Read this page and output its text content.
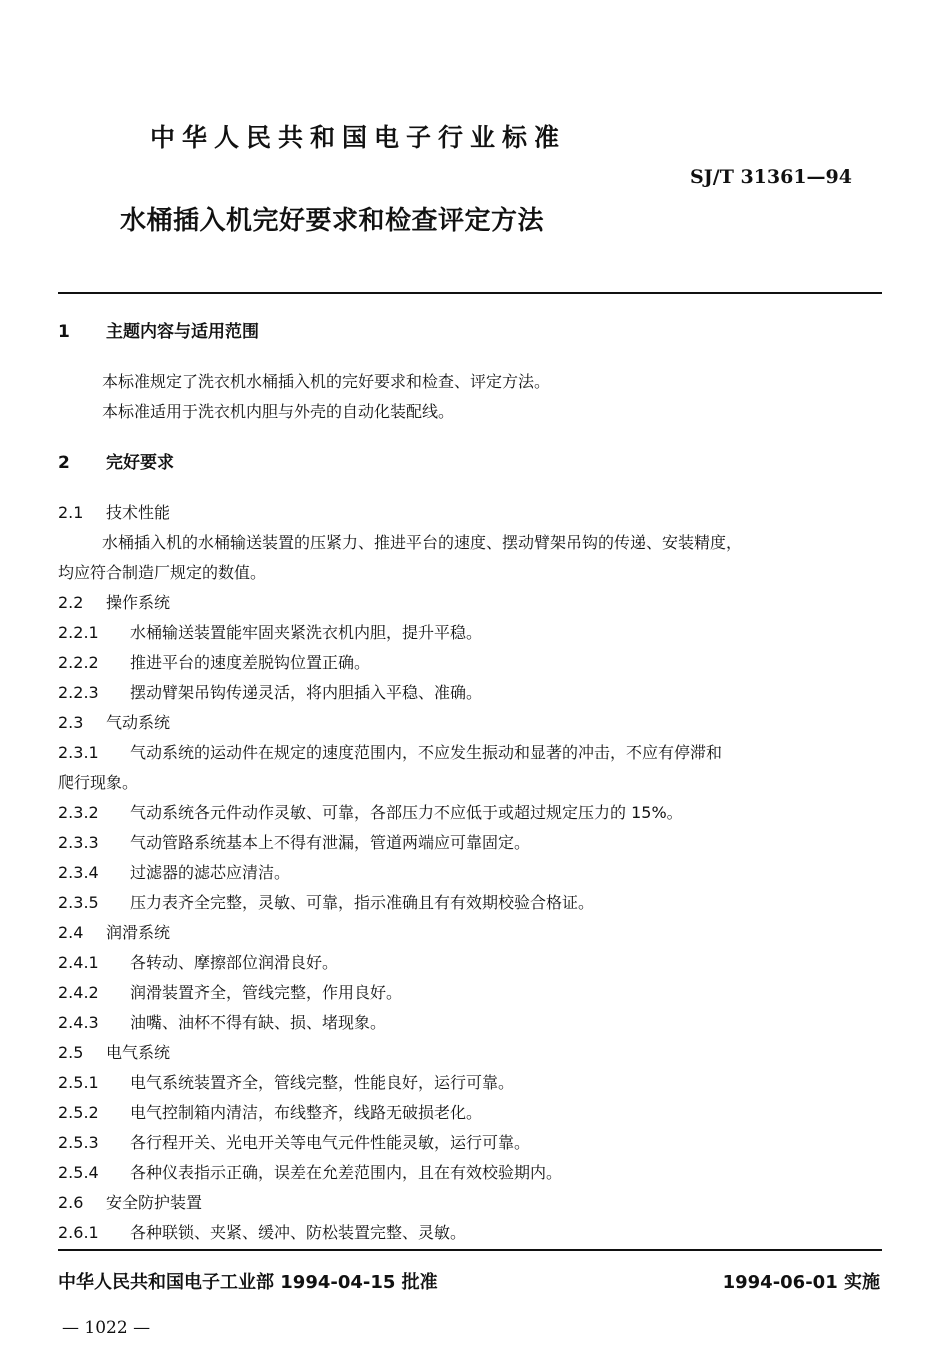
中华人民共和国电子行业标准
SJ/T 31361—94
水桶插入机完好要求和检查评定方法
1 主题内容与适用范围
本标准规定了洗衣机水桶插入机的完好要求和检查、评定方法。
本标准适用于洗衣机内胆与外壳的自动化装配线。
2 完好要求
2.1 技术性能
水桶插入机的水桶输送装置的压紧力、推进平台的速度、摆动臂架吊钩的传递、安装精度，
均应符合制造厂规定的数值。
2.2 操作系统
2.2.1 水桶输送装置能牢固夹紧洗衣机内胆，提升平稳。
2.2.2 推进平台的速度差脱钩位置正确。
2.2.3 摆动臂架吊钩传递灵活，将内胆插入平稳、准确。
2.3 气动系统
2.3.1 气动系统的运动件在规定的速度范围内，不应发生振动和显著的冲击，不应有停滞和
爬行现象。
2.3.2 气动系统各元件动作灵敏、可靠，各部压力不应低于或超过规定压力的 15%。
2.3.3 气动管路系统基本上不得有泄漏，管道两端应可靠固定。
2.3.4 过滤器的滤芯应清洁。
2.3.5 压力表齐全完整，灵敏、可靠，指示准确且有有效期校验合格证。
2.4 润滑系统
2.4.1 各转动、摩擦部位润滑良好。
2.4.2 润滑装置齐全，管线完整，作用良好。
2.4.3 油嘴、油杯不得有缺、损、堵现象。
2.5 电气系统
2.5.1 电气系统装置齐全，管线完整，性能良好，运行可靠。
2.5.2 电气控制箱内清洁，布线整齐，线路无破损老化。
2.5.3 各行程开关、光电开关等电气元件性能灵敏，运行可靠。
2.5.4 各种仪表指示正确，误差在允差范围内，且在有效校验期内。
2.6 安全防护装置
2.6.1 各种联锁、夹紧、缓冲、防松装置完整、灵敏。
中华人民共和国电子工业部 1994-04-15 批准	1994-06-01 实施
— 1022 —
